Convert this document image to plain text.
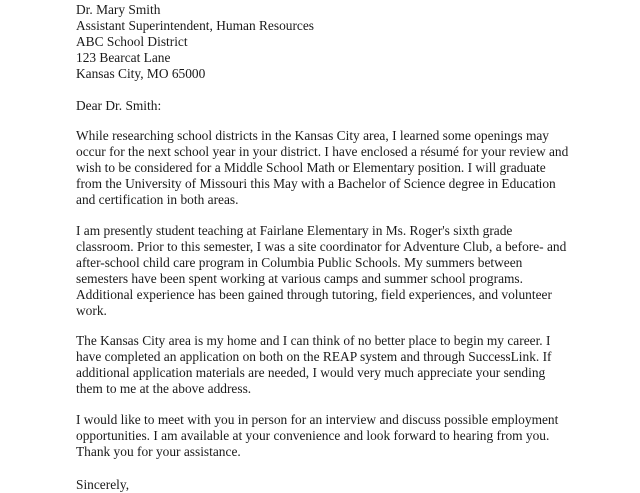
Dr. Mary Smith
Assistant Superintendent, Human Resources
ABC School District
123 Bearcat Lane
Kansas City, MO 65000
Dear Dr. Smith:
While researching school districts in the Kansas City area, I learned some openings may
occur for the next school year in your district. I have enclosed a résumé for your review and
wish to be considered for a Middle School Math or Elementary position. I will graduate
from the University of Missouri this May with a Bachelor of Science degree in Education
and certification in both areas.
I am presently student teaching at Fairlane Elementary in Ms. Roger's sixth grade
classroom. Prior to this semester, I was a site coordinator for Adventure Club, a before- and
after-school child care program in Columbia Public Schools. My summers between
semesters have been spent working at various camps and summer school programs.
Additional experience has been gained through tutoring, field experiences, and volunteer
work.
The Kansas City area is my home and I can think of no better place to begin my career. I
have completed an application on both on the REAP system and through SuccessLink. If
additional application materials are needed, I would very much appreciate your sending
them to me at the above address.
I would like to meet with you in person for an interview and discuss possible employment
opportunities. I am available at your convenience and look forward to hearing from you.
Thank you for your assistance.
Sincerely,
